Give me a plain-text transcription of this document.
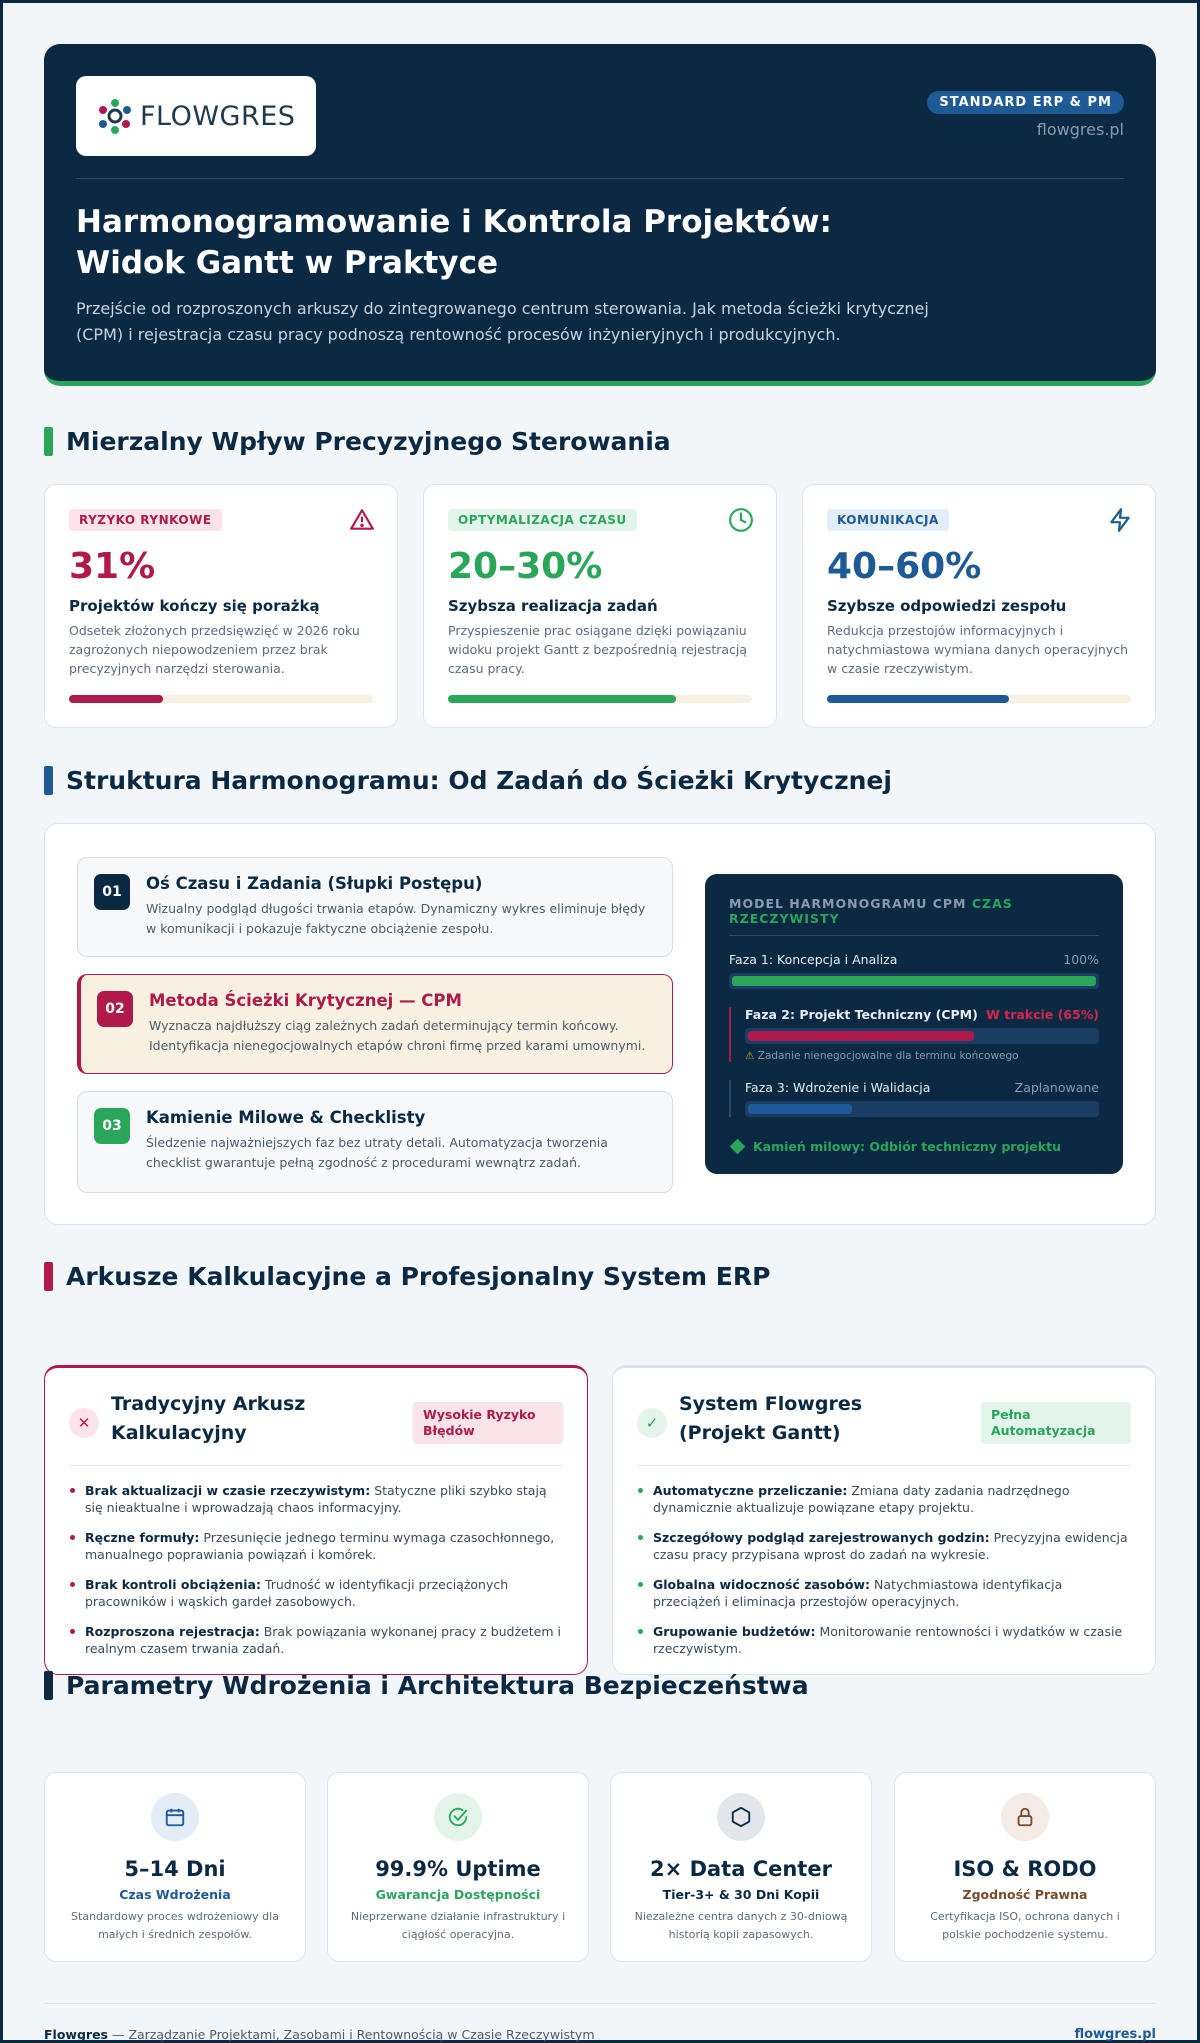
FLOWGRES	STANDARD ERP & PM
flowgres.pl
Harmonogramowanie i Kontrola Projektów: Widok Gantt w Praktyce

Przejście od rozproszonych arkuszy do zintegrowanego centrum sterowania. Jak metoda ścieżki krytycznej (CPM) i rejestracja czasu pracy podnoszą rentowność procesów inżynieryjnych i produkcyjnych.

Mierzalny Wpływ Precyzyjnego Sterowania
RYZYKO RYNKOWE
31%
Projektów kończy się porażką
Odsetek złożonych przedsięwzięć w 2026 roku zagrożonych niepowodzeniem przez brak precyzyjnych narzędzi sterowania.
OPTYMALIZACJA CZASU
20–30%
Szybsza realizacja zadań
Przyspieszenie prac osiągane dzięki powiązaniu widoku projekt Gantt z bezpośrednią rejestracją czasu pracy.
KOMUNIKACJA
40–60%
Szybsze odpowiedzi zespołu
Redukcja przestojów informacyjnych i natychmiastowa wymiana danych operacyjnych w czasie rzeczywistym.
Struktura Harmonogramu: Od Zadań do Ścieżki Krytycznej
01	Oś Czasu i Zadania (Słupki Postępu)
Wizualny podgląd długości trwania etapów. Dynamiczny wykres eliminuje błędy w komunikacji i pokazuje faktyczne obciążenie zespołu.
02	Metoda Ścieżki Krytycznej — CPM
Wyznacza najdłuższy ciąg zależnych zadań determinujący termin końcowy. Identyfikacja nienegocjowalnych etapów chroni firmę przed karami umownymi.
03	Kamienie Milowe & Checklisty
Śledzenie najważniejszych faz bez utraty detali. Automatyzacja tworzenia checklist gwarantuje pełną zgodność z procedurami wewnątrz zadań.
MODEL HARMONOGRAMU CPM CZAS RZECZYWISTY
Faza 1: Koncepcja i Analiza	100%
Faza 2: Projekt Techniczny (CPM) W trakcie (65%)
⚠ Zadanie nienegocjowalne dla terminu końcowego
Faza 3: Wdrożenie i Walidacja	Zaplanowane
Kamień milowy: Odbiór techniczny projektu
Arkusze Kalkulacyjne a Profesjonalny System ERP
✕
Tradycyjny Arkusz Kalkulacyjny
Wysokie Ryzyko Błędów
Brak aktualizacji w czasie rzeczywistym: Statyczne pliki szybko stają się nieaktualne i wprowadzają chaos informacyjny.
Ręczne formuły: Przesunięcie jednego terminu wymaga czasochłonnego, manualnego poprawiania powiązań i komórek.
Brak kontroli obciążenia: Trudność w identyfikacji przeciążonych pracowników i wąskich gardeł zasobowych.
Rozproszona rejestracja: Brak powiązania wykonanej pracy z budżetem i realnym czasem trwania zadań.
✓
System Flowgres (Projekt Gantt)
Pełna Automatyzacja
Automatyczne przeliczanie: Zmiana daty zadania nadrzędnego dynamicznie aktualizuje powiązane etapy projektu.
Szczegółowy podgląd zarejestrowanych godzin: Precyzyjna ewidencja czasu pracy przypisana wprost do zadań na wykresie.
Globalna widoczność zasobów: Natychmiastowa identyfikacja przeciążeń i eliminacja przestojów operacyjnych.
Grupowanie budżetów: Monitorowanie rentowności i wydatków w czasie rzeczywistym.
Parametry Wdrożenia i Architektura Bezpieczeństwa
5–14 Dni
Czas Wdrożenia
Standardowy proces wdrożeniowy dla małych i średnich zespołów.
99.9% Uptime
Gwarancja Dostępności
Nieprzerwane działanie infrastruktury i ciągłość operacyjna.
2× Data Center
Tier-3+ & 30 Dni Kopii
Niezależne centra danych z 30-dniową historią kopii zapasowych.
ISO & RODO
Zgodność Prawna
Certyfikacja ISO, ochrona danych i polskie pochodzenie systemu.
Flowgres — Zarządzanie Projektami, Zasobami i Rentownością w Czasie Rzeczywistym	flowgres.pl
